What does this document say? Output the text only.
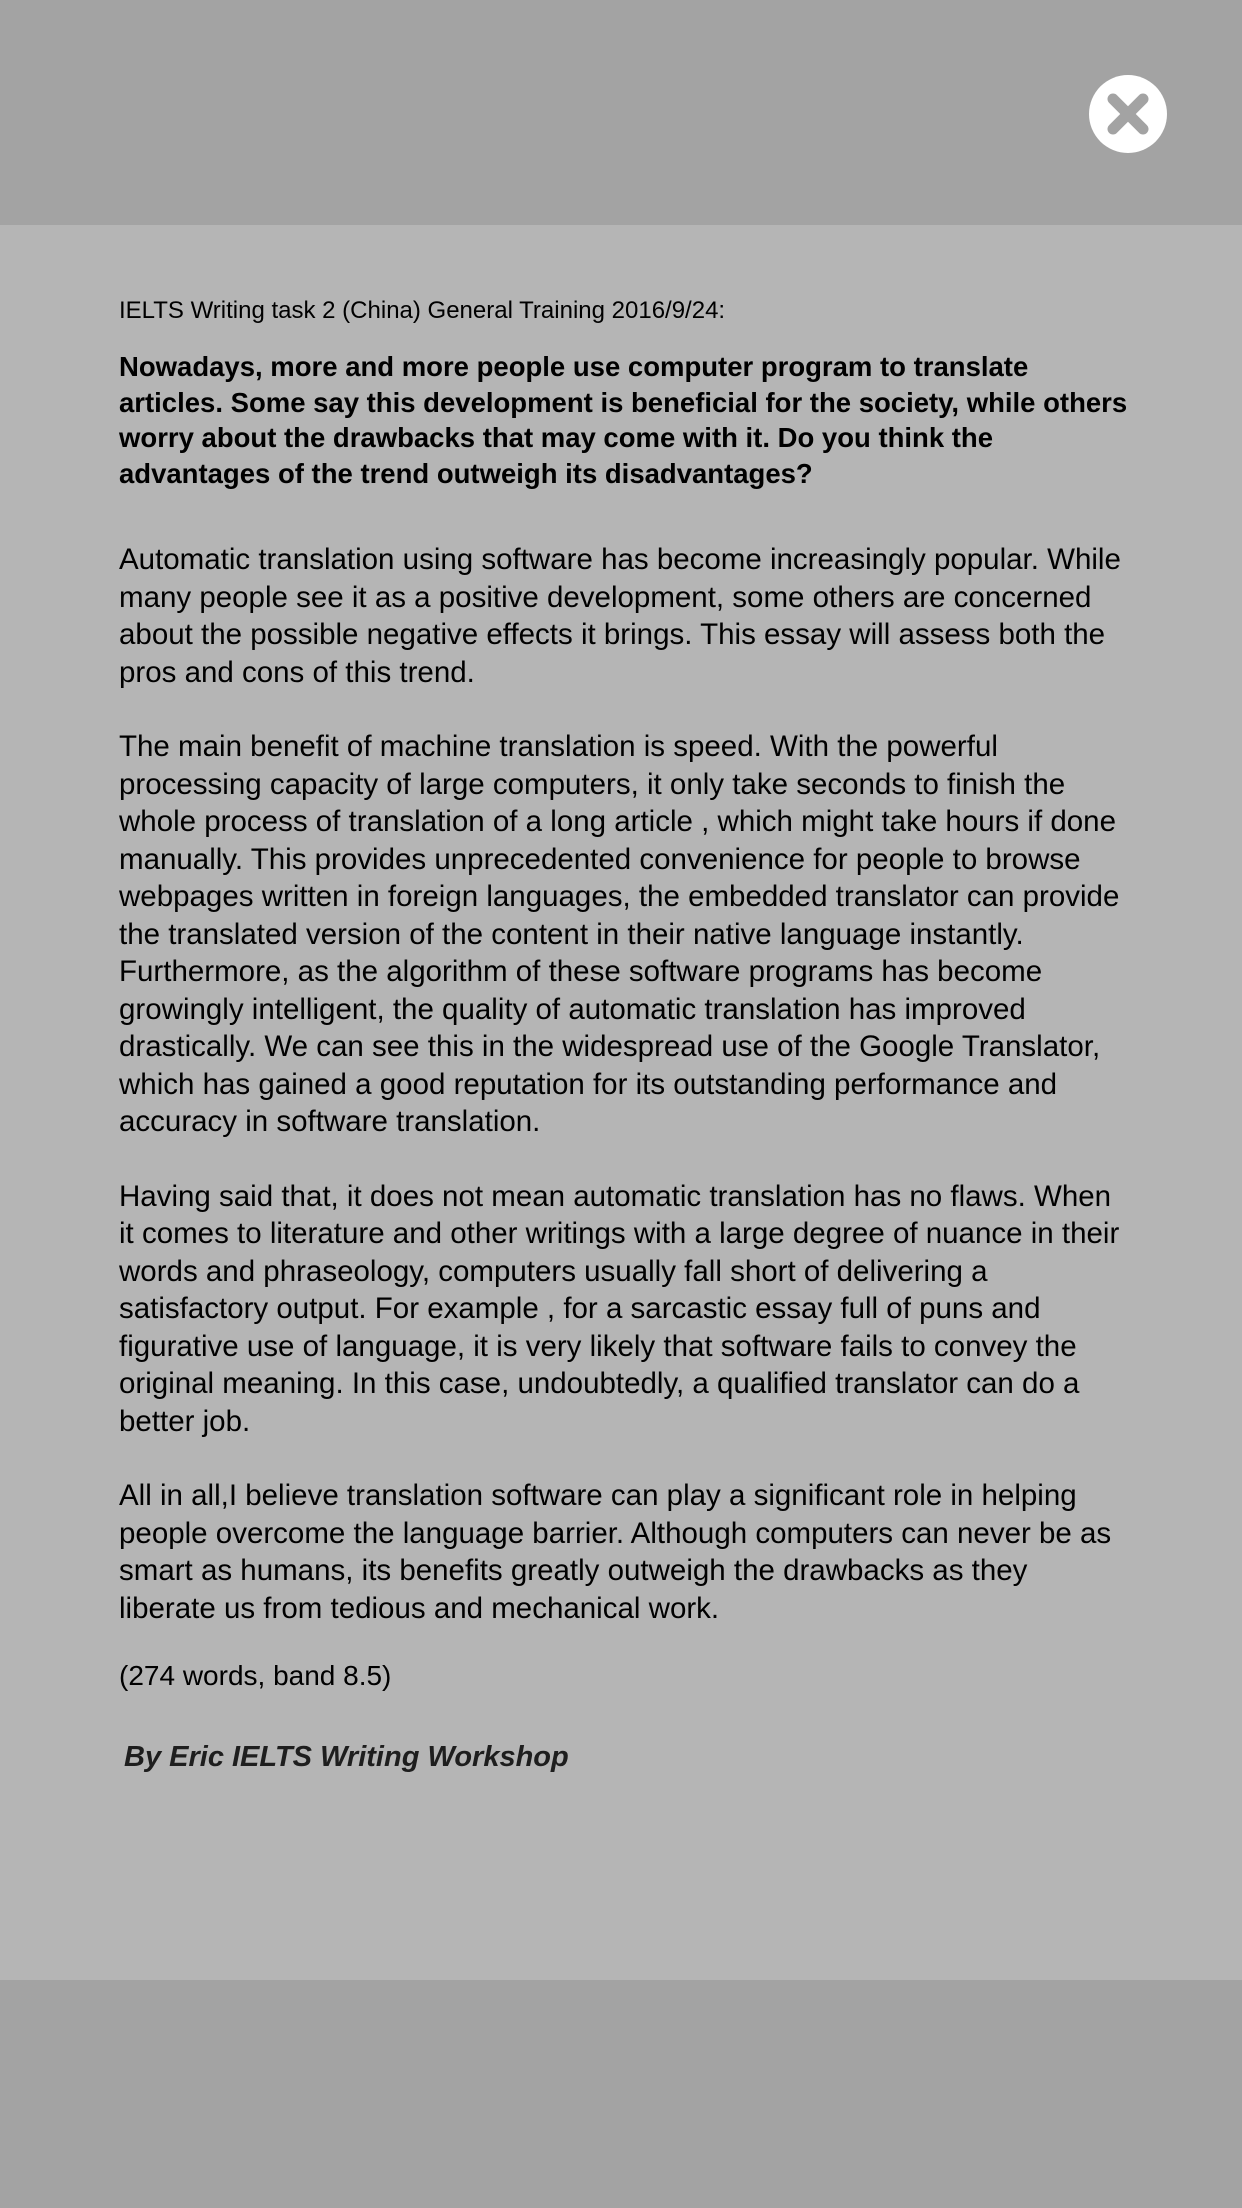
IELTS Writing task 2 (China) General Training 2016/9/24:

Nowadays, more and more people use computer program to translate articles. Some say this development is beneficial for the society, while others worry about the drawbacks that may come with it. Do you think the advantages of the trend outweigh its disadvantages?

Automatic translation using software has become increasingly popular. While many people see it as a positive development, some others are concerned about the possible negative effects it brings. This essay will assess both the pros and cons of this trend.

The main benefit of machine translation is speed. With the powerful processing capacity of large computers, it only take seconds to finish the whole process of translation of a long article , which might take hours if done manually. This provides unprecedented convenience for people to browse webpages written in foreign languages, the embedded translator can provide the translated version of the content in their native language instantly. Furthermore, as the algorithm of these software programs has become growingly intelligent, the quality of automatic translation has improved drastically. We can see this in the widespread use of the Google Translator, which has gained a good reputation for its outstanding performance and accuracy in software translation.

Having said that, it does not mean automatic translation has no flaws. When it comes to literature and other writings with a large degree of nuance in their words and phraseology, computers usually fall short of delivering a satisfactory output. For example , for a sarcastic essay full of puns and figurative use of language, it is very likely that software fails to convey the original meaning. In this case, undoubtedly, a qualified translator can do a better job.

All in all,I believe translation software can play a significant role in helping people overcome the language barrier. Although computers can never be as smart as humans, its benefits greatly outweigh the drawbacks as they liberate us from tedious and mechanical work.

(274 words, band 8.5)

By Eric IELTS Writing Workshop
